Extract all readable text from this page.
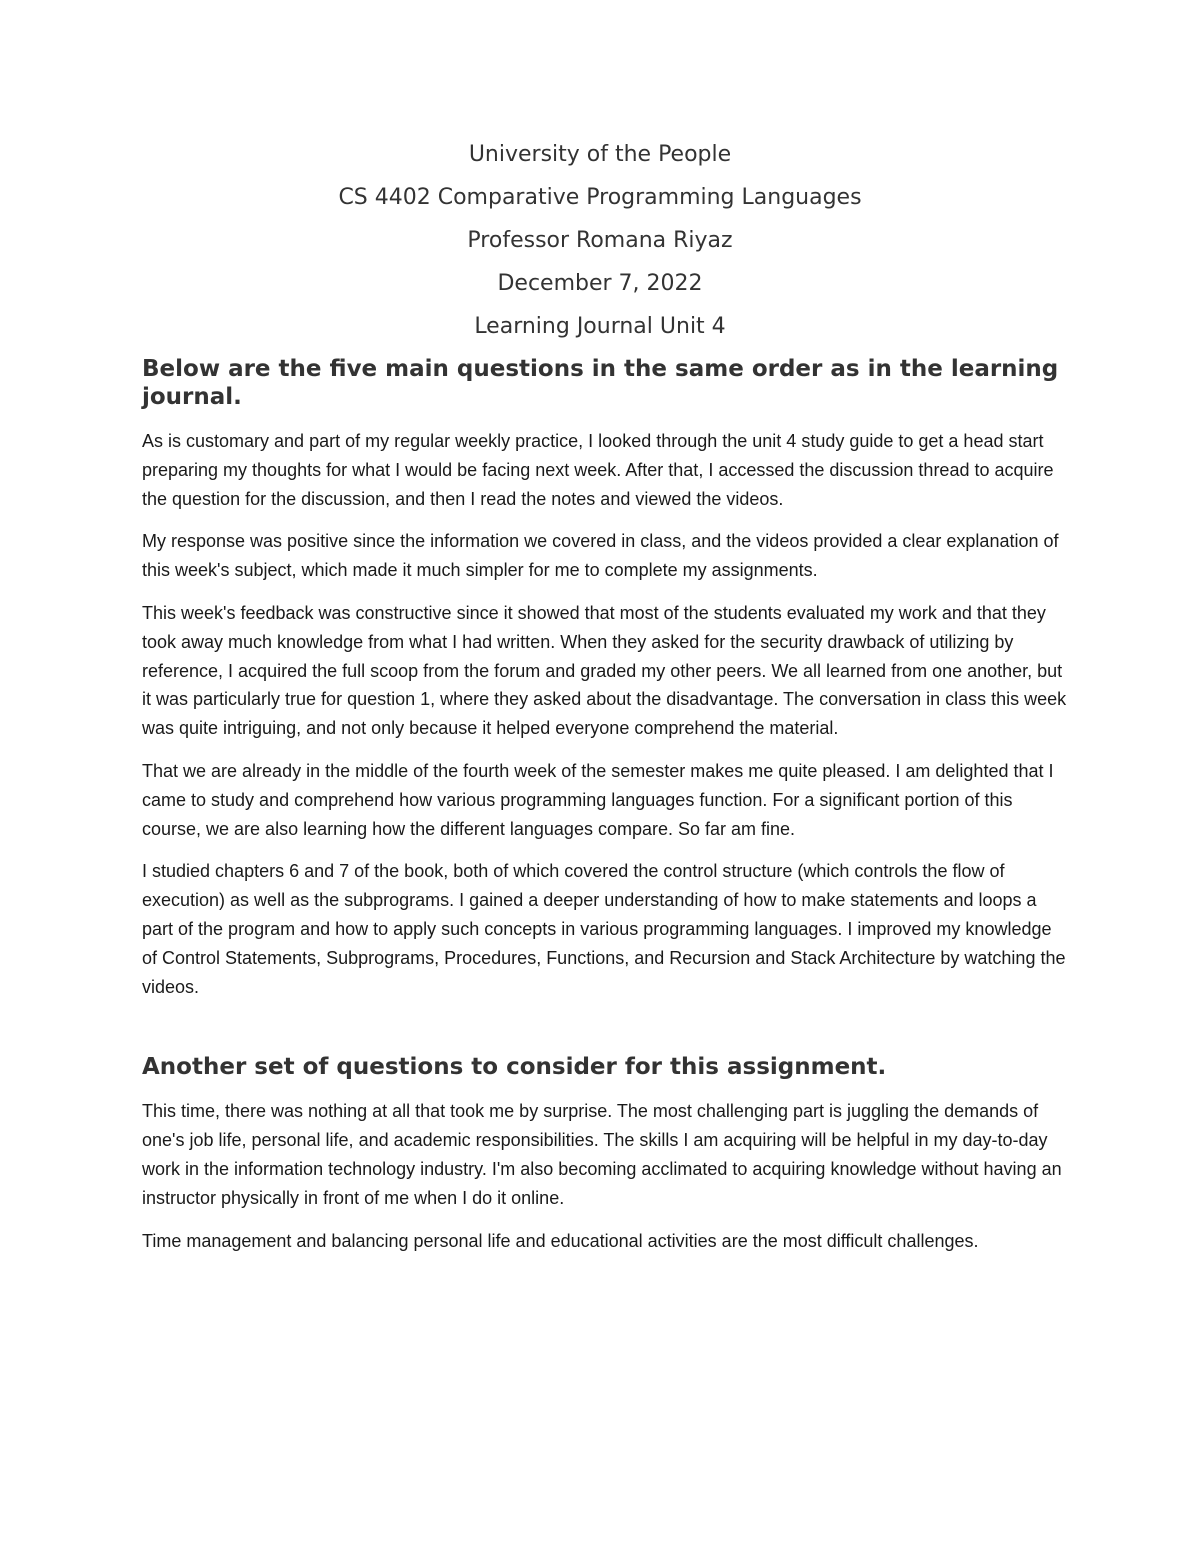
University of the People
CS 4402 Comparative Programming Languages
Professor Romana Riyaz
December 7, 2022
Learning Journal Unit 4
Below are the five main questions in the same order as in the learning journal.

As is customary and part of my regular weekly practice, I looked through the unit 4 study guide to get a head start preparing my thoughts for what I would be facing next week. After that, I accessed the discussion thread to acquire the question for the discussion, and then I read the notes and viewed the videos.

My response was positive since the information we covered in class, and the videos provided a clear explanation of this week's subject, which made it much simpler for me to complete my assignments.

This week's feedback was constructive since it showed that most of the students evaluated my work and that they took away much knowledge from what I had written. When they asked for the security drawback of utilizing by reference, I acquired the full scoop from the forum and graded my other peers. We all learned from one another, but it was particularly true for question 1, where they asked about the disadvantage. The conversation in class this week was quite intriguing, and not only because it helped everyone comprehend the material.

That we are already in the middle of the fourth week of the semester makes me quite pleased. I am delighted that I came to study and comprehend how various programming languages function. For a significant portion of this course, we are also learning how the different languages compare. So far am fine.

I studied chapters 6 and 7 of the book, both of which covered the control structure (which controls the flow of execution) as well as the subprograms. I gained a deeper understanding of how to make statements and loops a part of the program and how to apply such concepts in various programming languages. I improved my knowledge of Control Statements, Subprograms, Procedures, Functions, and Recursion and Stack Architecture by watching the videos.

Another set of questions to consider for this assignment.

This time, there was nothing at all that took me by surprise. The most challenging part is juggling the demands of one's job life, personal life, and academic responsibilities. The skills I am acquiring will be helpful in my day-to-day work in the information technology industry. I'm also becoming acclimated to acquiring knowledge without having an instructor physically in front of me when I do it online.

Time management and balancing personal life and educational activities are the most difficult challenges.
